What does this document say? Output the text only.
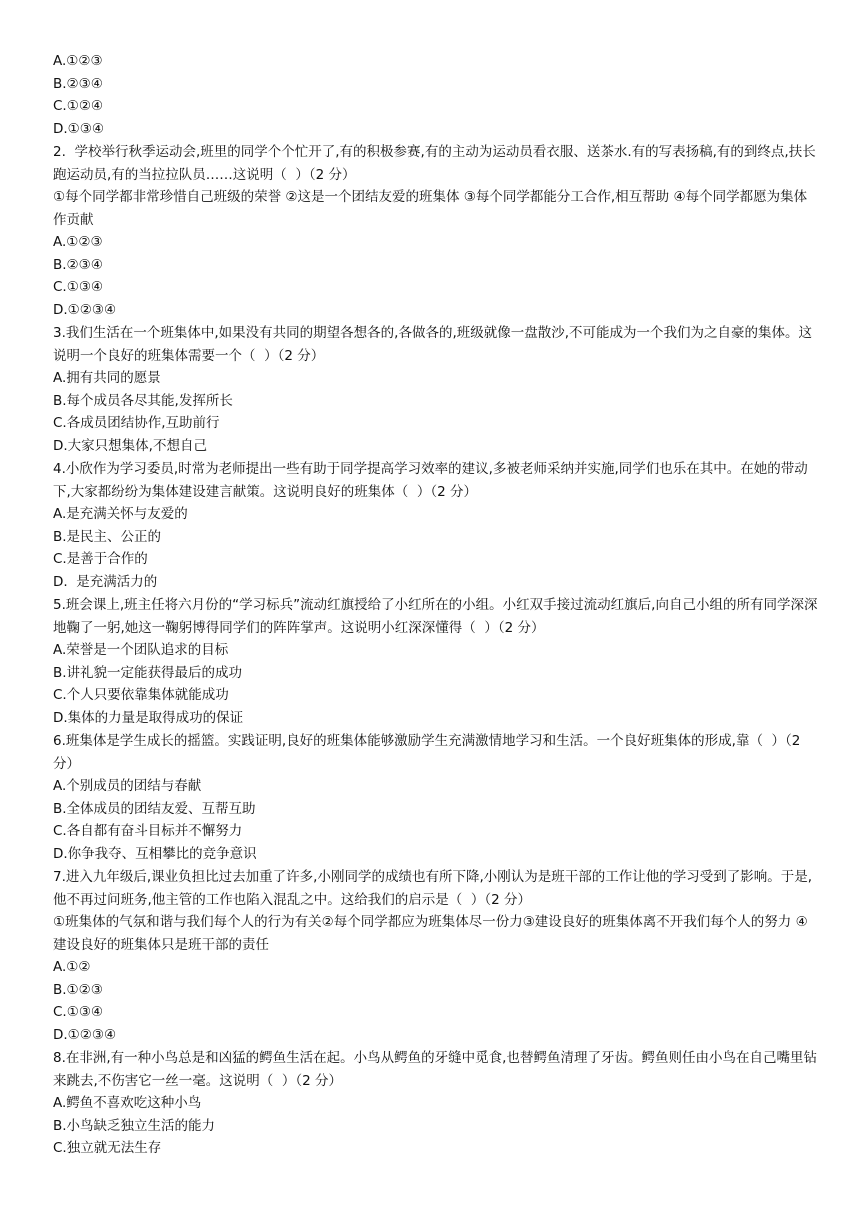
A.①②③
B.②③④
C.①②④
D.①③④
2.  学校举行秋季运动会,班里的同学个个忙开了,有的积极参赛,有的主动为运动员看衣服、送茶水.有的写表扬稿,有的到终点,扶长跑运动员,有的当拉拉队员……这说明（  ）（2 分）
①每个同学都非常珍惜自己班级的荣誉 ②这是一个团结友爱的班集体 ③每个同学都能分工合作,相互帮助 ④每个同学都愿为集体作贡献
A.①②③
B.②③④
C.①③④
D.①②③④
3.我们生活在一个班集体中,如果没有共同的期望各想各的,各做各的,班级就像一盘散沙,不可能成为一个我们为之自豪的集体。这说明一个良好的班集体需要一个（  ）（2 分）
A.拥有共同的愿景
B.每个成员各尽其能,发挥所长
C.各成员团结协作,互助前行
D.大家只想集体,不想自己
4.小欣作为学习委员,时常为老师提出一些有助于同学提高学习效率的建议,多被老师采纳并实施,同学们也乐在其中。在她的带动下,大家都纷纷为集体建设建言献策。这说明良好的班集体（  ）（2 分）
A.是充满关怀与友爱的
B.是民主、公正的
C.是善于合作的
D.  是充满活力的
5.班会课上,班主任将六月份的“学习标兵”流动红旗授给了小红所在的小组。小红双手接过流动红旗后,向自己小组的所有同学深深地鞠了一躬,她这一鞠躬博得同学们的阵阵掌声。这说明小红深深懂得（  ）（2 分）
A.荣誉是一个团队追求的目标
B.讲礼貌一定能获得最后的成功
C.个人只要依靠集体就能成功
D.集体的力量是取得成功的保证
6.班集体是学生成长的摇篮。实践证明,良好的班集体能够激励学生充满激情地学习和生活。一个良好班集体的形成,靠（  ）（2 分）
A.个别成员的团结与春献
B.全体成员的团结友爱、互帮互助
C.各自都有奋斗目标并不懈努力
D.你争我夺、互相攀比的竞争意识
7.进入九年级后,课业负担比过去加重了许多,小刚同学的成绩也有所下降,小刚认为是班干部的工作让他的学习受到了影响。于是,他不再过问班务,他主管的工作也陷入混乱之中。这给我们的启示是（  ）（2 分）
①班集体的气氛和谐与我们每个人的行为有关②每个同学都应为班集体尽一份力③建设良好的班集体离不开我们每个人的努力 ④建设良好的班集体只是班干部的责任
A.①②
B.①②③
C.①③④
D.①②③④
8.在非洲,有一种小鸟总是和凶猛的鳄鱼生活在起。小鸟从鳄鱼的牙缝中觅食,也替鳄鱼清理了牙齿。鳄鱼则任由小鸟在自己嘴里钻来跳去,不伤害它一丝一毫。这说明（  ）（2 分）
A.鳄鱼不喜欢吃这种小鸟
B.小鸟缺乏独立生活的能力
C.独立就无法生存
